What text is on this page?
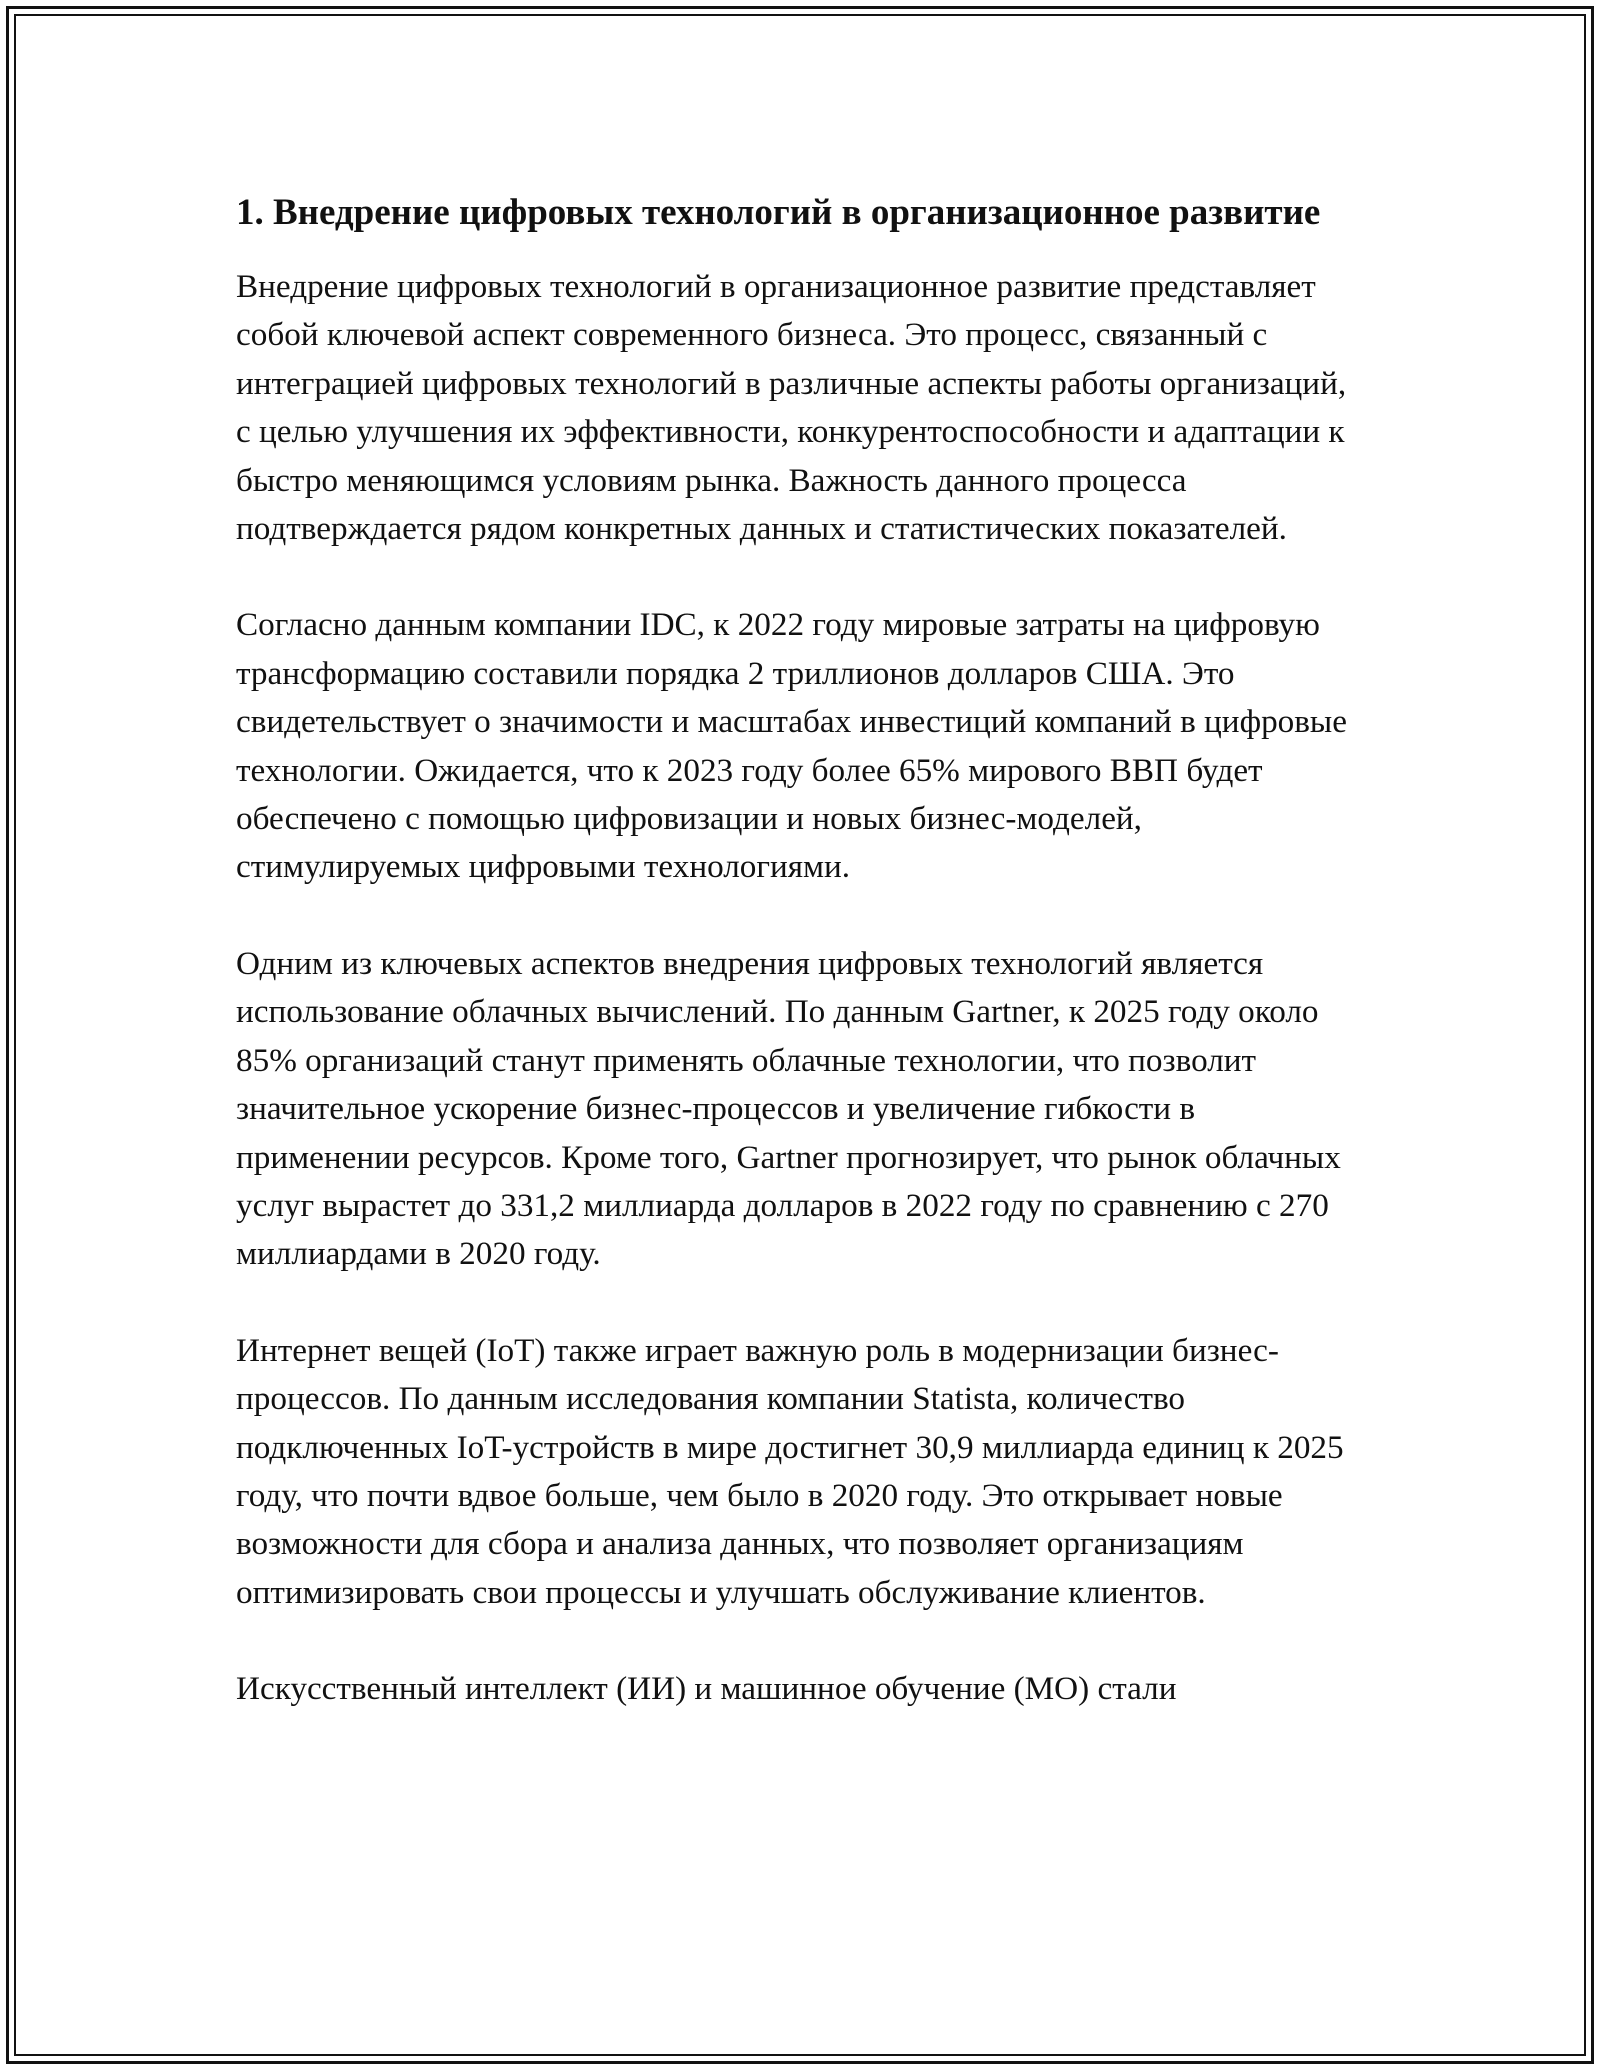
1. Внедрение цифровых технологий в организационное развитие

Внедрение цифровых технологий в организационное развитие представляет собой ключевой аспект современного бизнеса. Это процесс, связанный с интеграцией цифровых технологий в различные аспекты работы организаций, с целью улучшения их эффективности, конкурентоспособности и адаптации к быстро меняющимся условиям рынка. Важность данного процесса подтверждается рядом конкретных данных и статистических показателей.

Согласно данным компании IDC, к 2022 году мировые затраты на цифровую трансформацию составили порядка 2 триллионов долларов США. Это свидетельствует о значимости и масштабах инвестиций компаний в цифровые технологии. Ожидается, что к 2023 году более 65% мирового ВВП будет обеспечено с помощью цифровизации и новых бизнес-моделей, стимулируемых цифровыми технологиями.

Одним из ключевых аспектов внедрения цифровых технологий является использование облачных вычислений. По данным Gartner, к 2025 году около 85% организаций станут применять облачные технологии, что позволит значительное ускорение бизнес-процессов и увеличение гибкости в применении ресурсов. Кроме того, Gartner прогнозирует, что рынок облачных услуг вырастет до 331,2 миллиарда долларов в 2022 году по сравнению с 270 миллиардами в 2020 году.

Интернет вещей (IoT) также играет важную роль в модернизации бизнес-процессов. По данным исследования компании Statista, количество подключенных IoT-устройств в мире достигнет 30,9 миллиарда единиц к 2025 году, что почти вдвое больше, чем было в 2020 году. Это открывает новые возможности для сбора и анализа данных, что позволяет организациям оптимизировать свои процессы и улучшать обслуживание клиентов.

Искусственный интеллект (ИИ) и машинное обучение (МО) стали
